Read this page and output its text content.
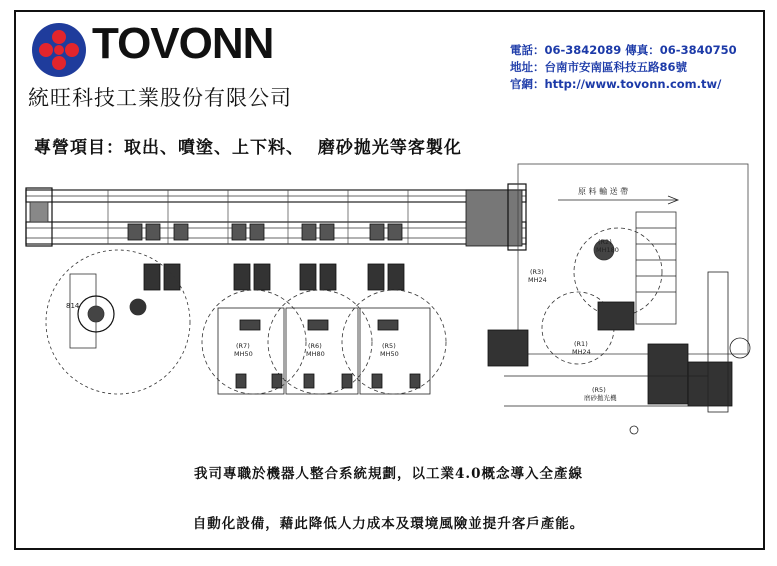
TOVONN
統旺科技工業股份有限公司
電話：06-3842089 傳真：06-3840750
地址：台南市安南區科技五路86號
官網：http://www.tovonn.com.tw/
專營項目：取出、噴塗、上下料、  磨砂拋光等客製化
814
(R7)
MH50
(R6)
MH80
(R5)
MH50
原 料 輸 送 帶
(R2)
MH180
(R3)
MH24
(R1)
MH24
(R5)
磨砂拋光機
我司專職於機器人整合系統規劃，以工業4.0概念導入全產線
自動化設備，藉此降低人力成本及環境風險並提升客戶產能。
